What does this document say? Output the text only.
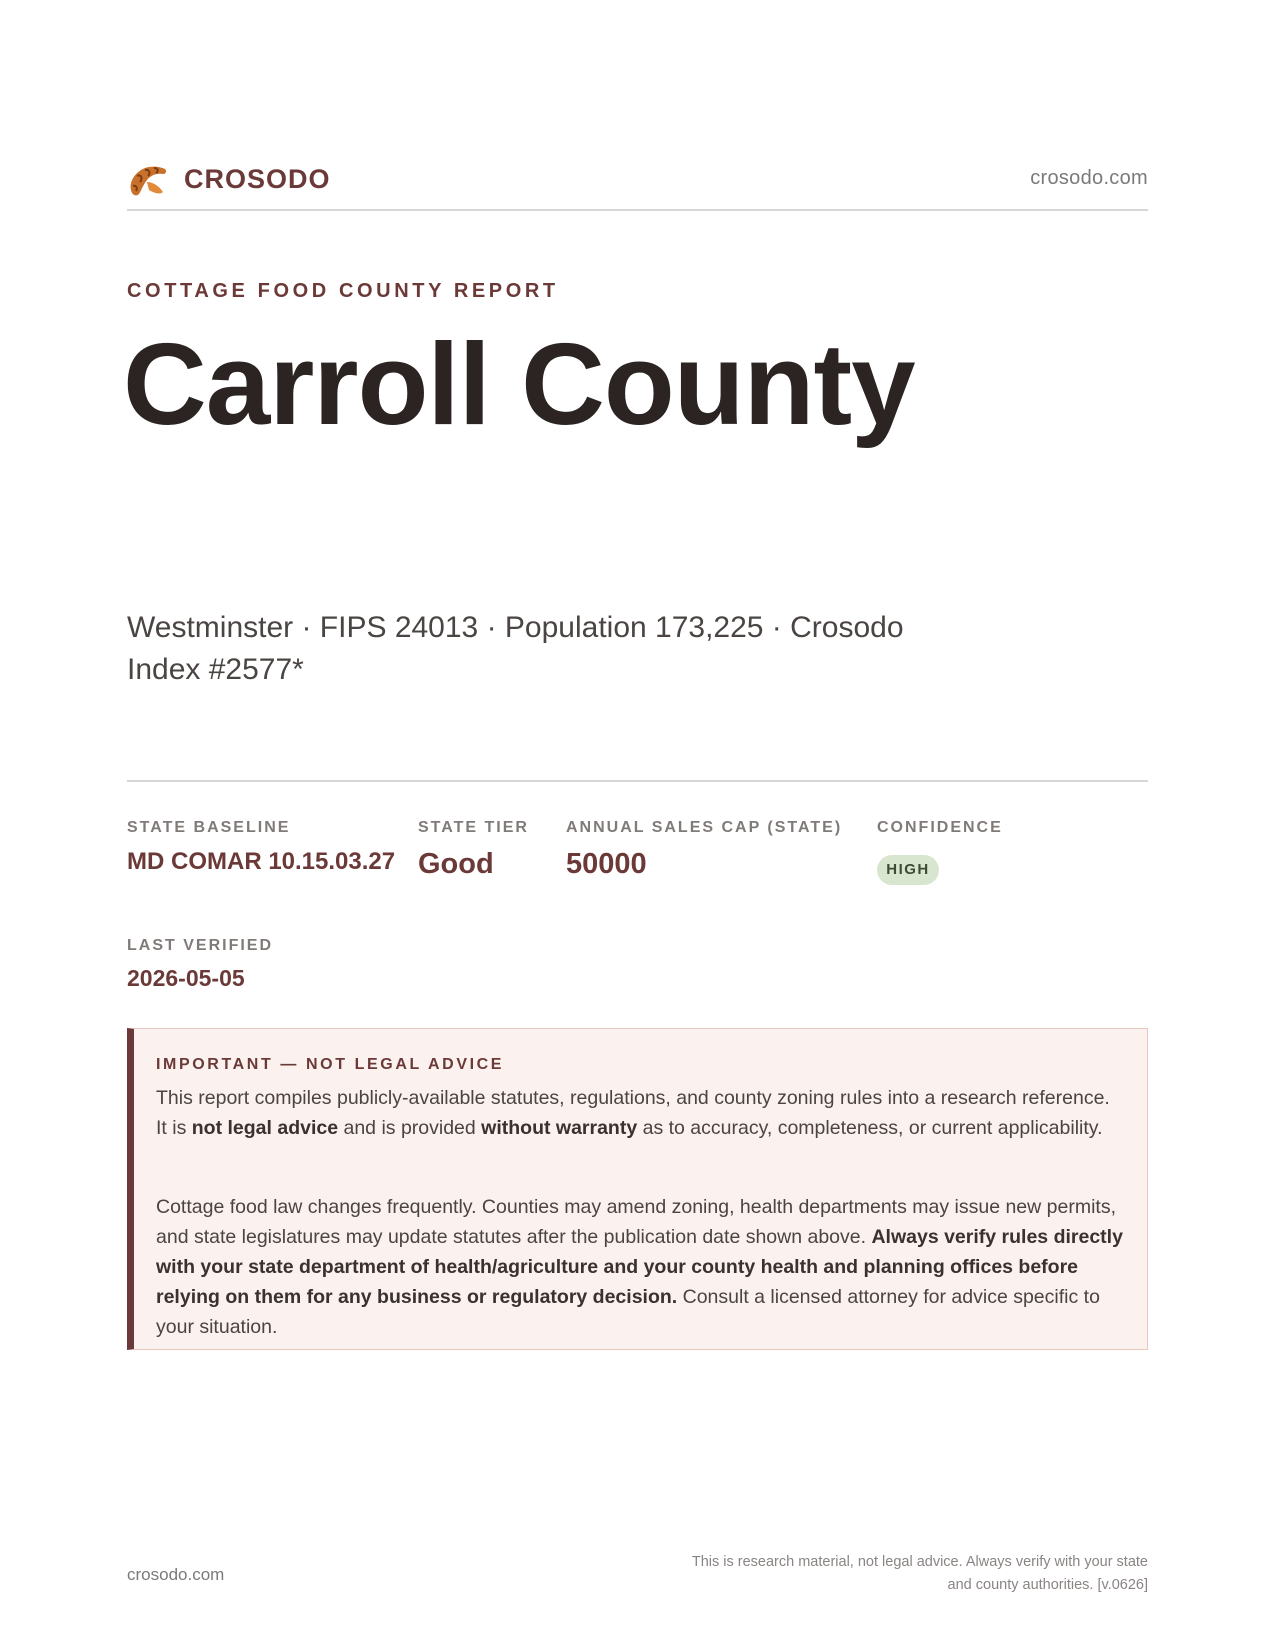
CROSODO	crosodo.com
COTTAGE FOOD COUNTY REPORT
Carroll County
Westminster · FIPS 24013 · Population 173,225 · Crosodo
Index #2577*
STATE BASELINE
MD COMAR 10.15.03.27
STATE TIER
Good
ANNUAL SALES CAP (STATE)
50000
CONFIDENCE
HIGH
LAST VERIFIED
2026-05-05
IMPORTANT — NOT LEGAL ADVICE
This report compiles publicly-available statutes, regulations, and county zoning rules into a research reference. It is not legal advice and is provided without warranty as to accuracy, completeness, or current applicability.
Cottage food law changes frequently. Counties may amend zoning, health departments may issue new permits, and state legislatures may update statutes after the publication date shown above. Always verify rules directly with your state department of health/agriculture and your county health and planning offices before relying on them for any business or regulatory decision. Consult a licensed attorney for advice specific to your situation.
crosodo.com
This is research material, not legal advice. Always verify with your state
and county authorities. [v.0626]
